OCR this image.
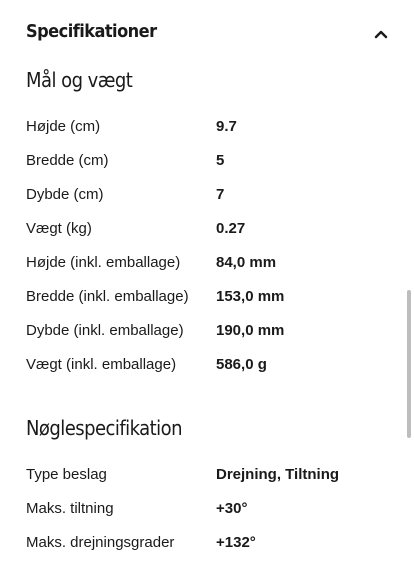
Specifikationer
Mål og vægt
Højde (cm)	9.7
Bredde (cm)	5
Dybde (cm)	7
Vægt (kg)	0.27
Højde (inkl. emballage) 84,0 mm
Bredde (inkl. emballage) 153,0 mm
Dybde (inkl. emballage) 190,0 mm
Vægt (inkl. emballage)	586,0 g
Nøglespecifikation
Type beslag	Drejning, Tiltning
Maks. tiltning	+30°
Maks. drejningsgrader	+132°
